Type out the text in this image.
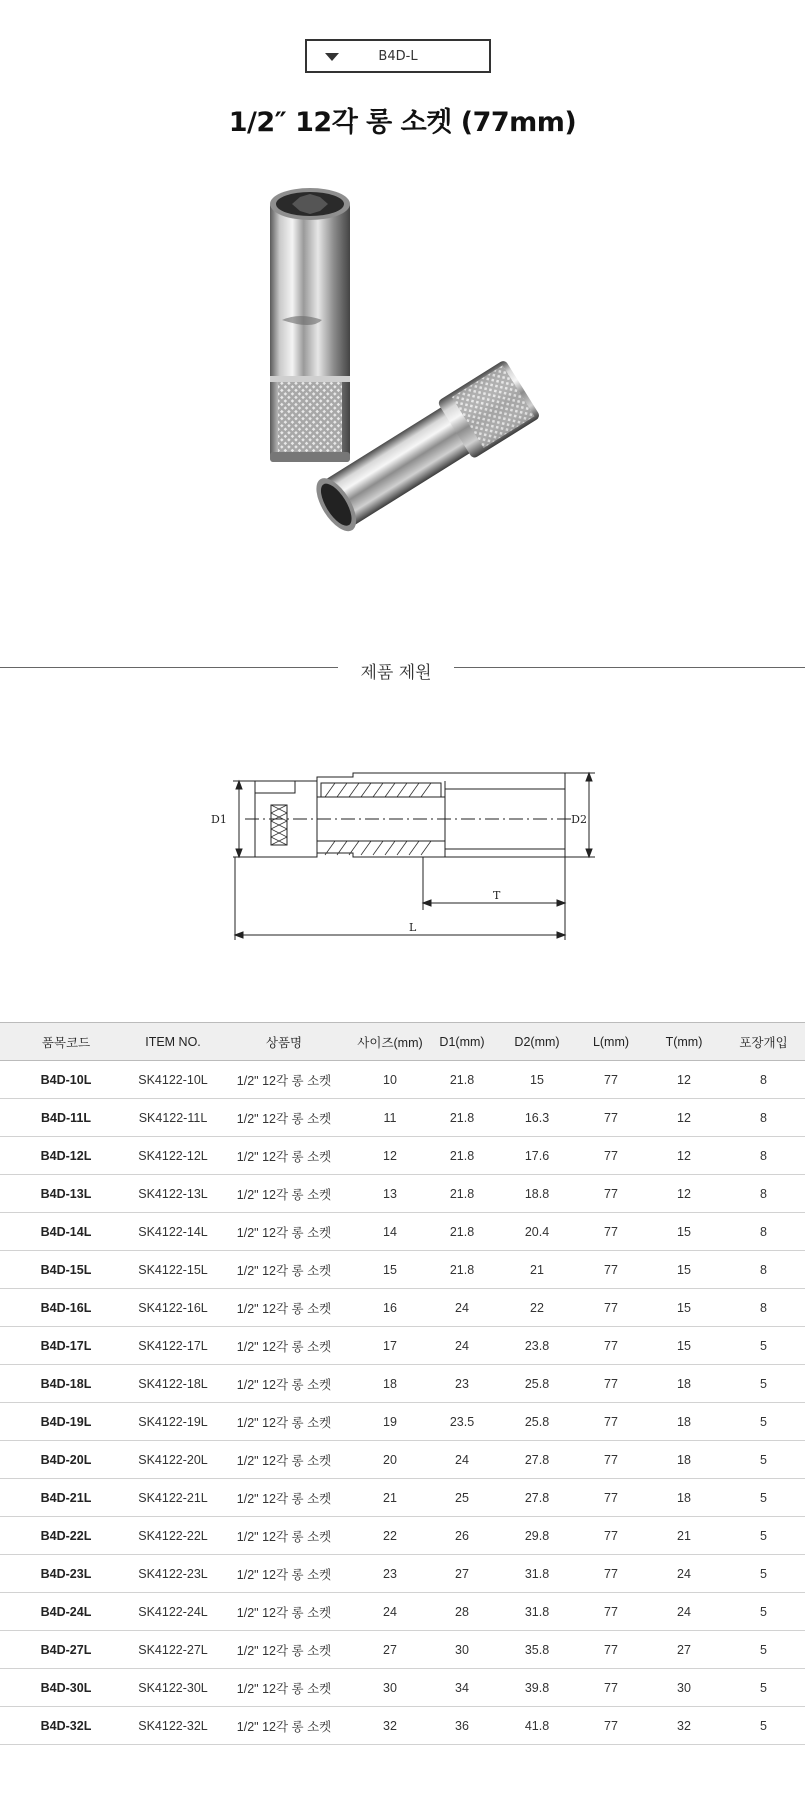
B4D-L
1/2″ 12각 롱 소켓 (77mm)
제품 제원
D1	D2
T
L
품목코드	ITEM NO.	상품명	사이즈(mm)	D1(mm)	D2(mm)	L(mm)	T(mm)	포장개입
B4D-10L	SK4122-10L	1/2" 12각 롱 소켓	10	21.8	15	77	12	8
B4D-11L	SK4122-11L	1/2" 12각 롱 소켓	11	21.8	16.3	77	12	8
B4D-12L	SK4122-12L	1/2" 12각 롱 소켓	12	21.8	17.6	77	12	8
B4D-13L	SK4122-13L	1/2" 12각 롱 소켓	13	21.8	18.8	77	12	8
B4D-14L	SK4122-14L	1/2" 12각 롱 소켓	14	21.8	20.4	77	15	8
B4D-15L	SK4122-15L	1/2" 12각 롱 소켓	15	21.8	21	77	15	8
B4D-16L	SK4122-16L	1/2" 12각 롱 소켓	16	24	22	77	15	8
B4D-17L	SK4122-17L	1/2" 12각 롱 소켓	17	24	23.8	77	15	5
B4D-18L	SK4122-18L	1/2" 12각 롱 소켓	18	23	25.8	77	18	5
B4D-19L	SK4122-19L	1/2" 12각 롱 소켓	19	23.5	25.8	77	18	5
B4D-20L	SK4122-20L	1/2" 12각 롱 소켓	20	24	27.8	77	18	5
B4D-21L	SK4122-21L	1/2" 12각 롱 소켓	21	25	27.8	77	18	5
B4D-22L	SK4122-22L	1/2" 12각 롱 소켓	22	26	29.8	77	21	5
B4D-23L	SK4122-23L	1/2" 12각 롱 소켓	23	27	31.8	77	24	5
B4D-24L	SK4122-24L	1/2" 12각 롱 소켓	24	28	31.8	77	24	5
B4D-27L	SK4122-27L	1/2" 12각 롱 소켓	27	30	35.8	77	27	5
B4D-30L	SK4122-30L	1/2" 12각 롱 소켓	30	34	39.8	77	30	5
B4D-32L	SK4122-32L	1/2" 12각 롱 소켓	32	36	41.8	77	32	5
